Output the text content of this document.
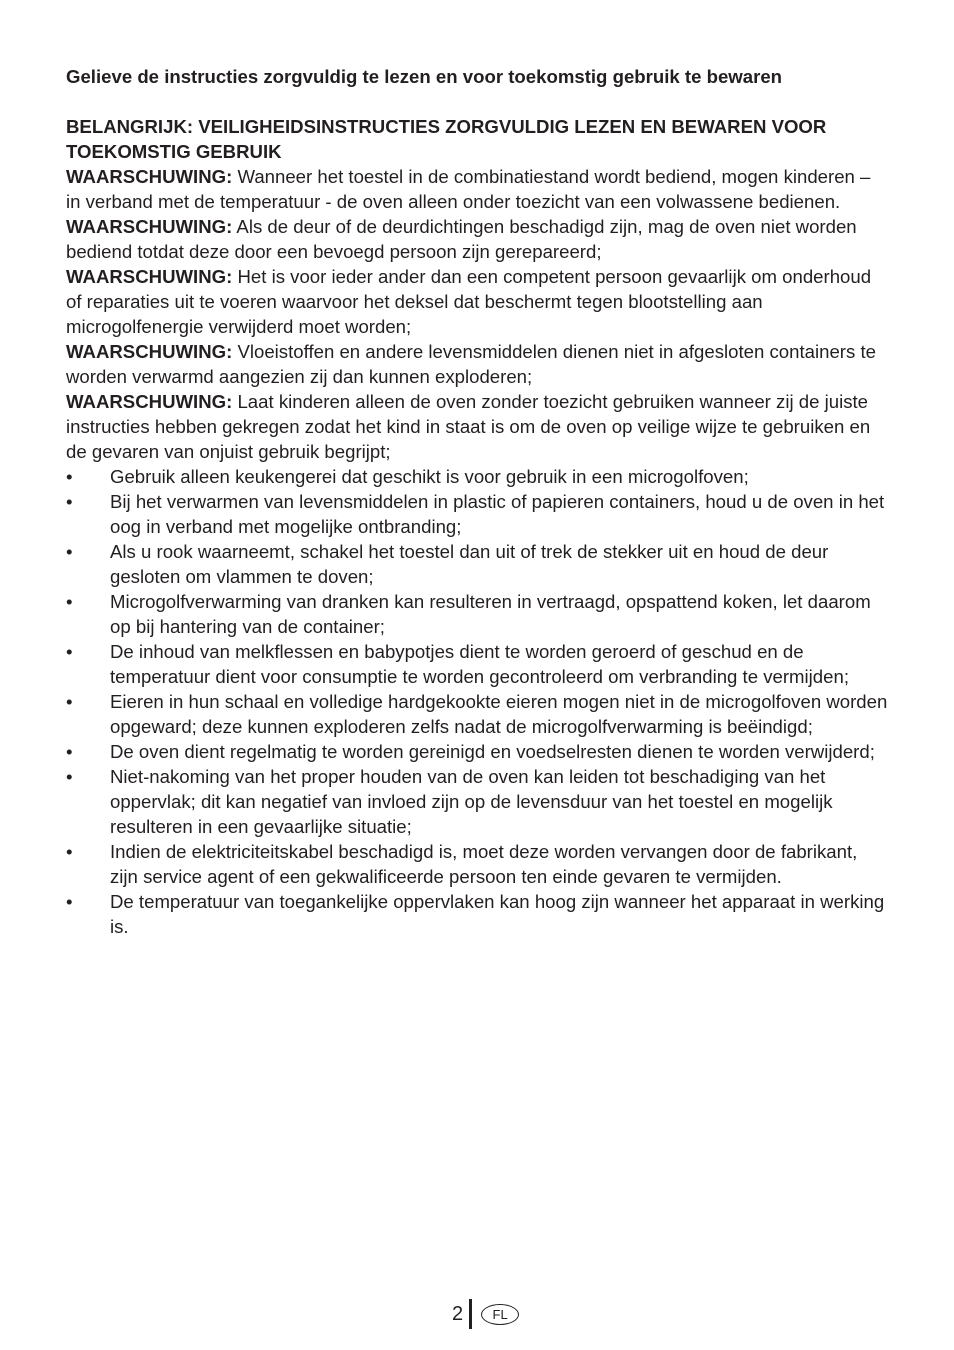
Gelieve de instructies zorgvuldig te lezen en voor toekomstig gebruik te bewaren

BELANGRIJK: VEILIGHEIDSINSTRUCTIES ZORGVULDIG LEZEN EN BEWAREN VOOR TOEKOMSTIG GEBRUIK

WAARSCHUWING: Wanneer het toestel in de combinatiestand wordt bediend, mogen kinderen – in verband met de temperatuur - de oven alleen onder toezicht van een volwassene bedienen.

WAARSCHUWING: Als de deur of de deurdichtingen beschadigd zijn, mag de oven niet worden bediend totdat deze door een bevoegd persoon zijn gerepareerd;

WAARSCHUWING: Het is voor ieder ander dan een competent persoon gevaarlijk om onderhoud of reparaties uit te voeren waarvoor het deksel dat beschermt tegen blootstelling aan microgolfenergie verwijderd moet worden;

WAARSCHUWING: Vloeistoffen en andere levensmiddelen dienen niet in afgesloten containers te worden verwarmd aangezien zij dan kunnen exploderen;

WAARSCHUWING: Laat kinderen alleen de oven zonder toezicht gebruiken wanneer zij de juiste instructies hebben gekregen zodat het kind in staat is om de oven op veilige wijze te gebruiken en de gevaren van onjuist gebruik begrijpt;

• Gebruik alleen keukengerei dat geschikt is voor gebruik in een microgolfoven;
• Bij het verwarmen van levensmiddelen in plastic of papieren containers, houd u de oven in het oog in verband met mogelijke ontbranding;
• Als u rook waarneemt, schakel het toestel dan uit of trek de stekker uit en houd de deur gesloten om vlammen te doven;
• Microgolfverwarming van dranken kan resulteren in vertraagd, opspattend koken, let daarom op bij hantering van de container;
• De inhoud van melkflessen en babypotjes dient te worden geroerd of geschud en de temperatuur dient voor consumptie te worden gecontroleerd om verbranding te vermijden;
• Eieren in hun schaal en volledige hardgekookte eieren mogen niet in de microgolfoven worden opgeward; deze kunnen exploderen zelfs nadat de microgolfverwarming is beëindigd;
• De oven dient regelmatig te worden gereinigd en voedselresten dienen te worden verwijderd;
• Niet-nakoming van het proper houden van de oven kan leiden tot beschadiging van het oppervlak; dit kan negatief van invloed zijn op de levensduur van het toestel en mogelijk resulteren in een gevaarlijke situatie;
• Indien de elektriciteitskabel beschadigd is, moet deze worden vervangen door de fabrikant, zijn service agent of een gekwalificeerde persoon ten einde gevaren te vermijden.
• De temperatuur van toegankelijke oppervlaken kan hoog zijn wanneer het apparaat in werking is.
2 FL
